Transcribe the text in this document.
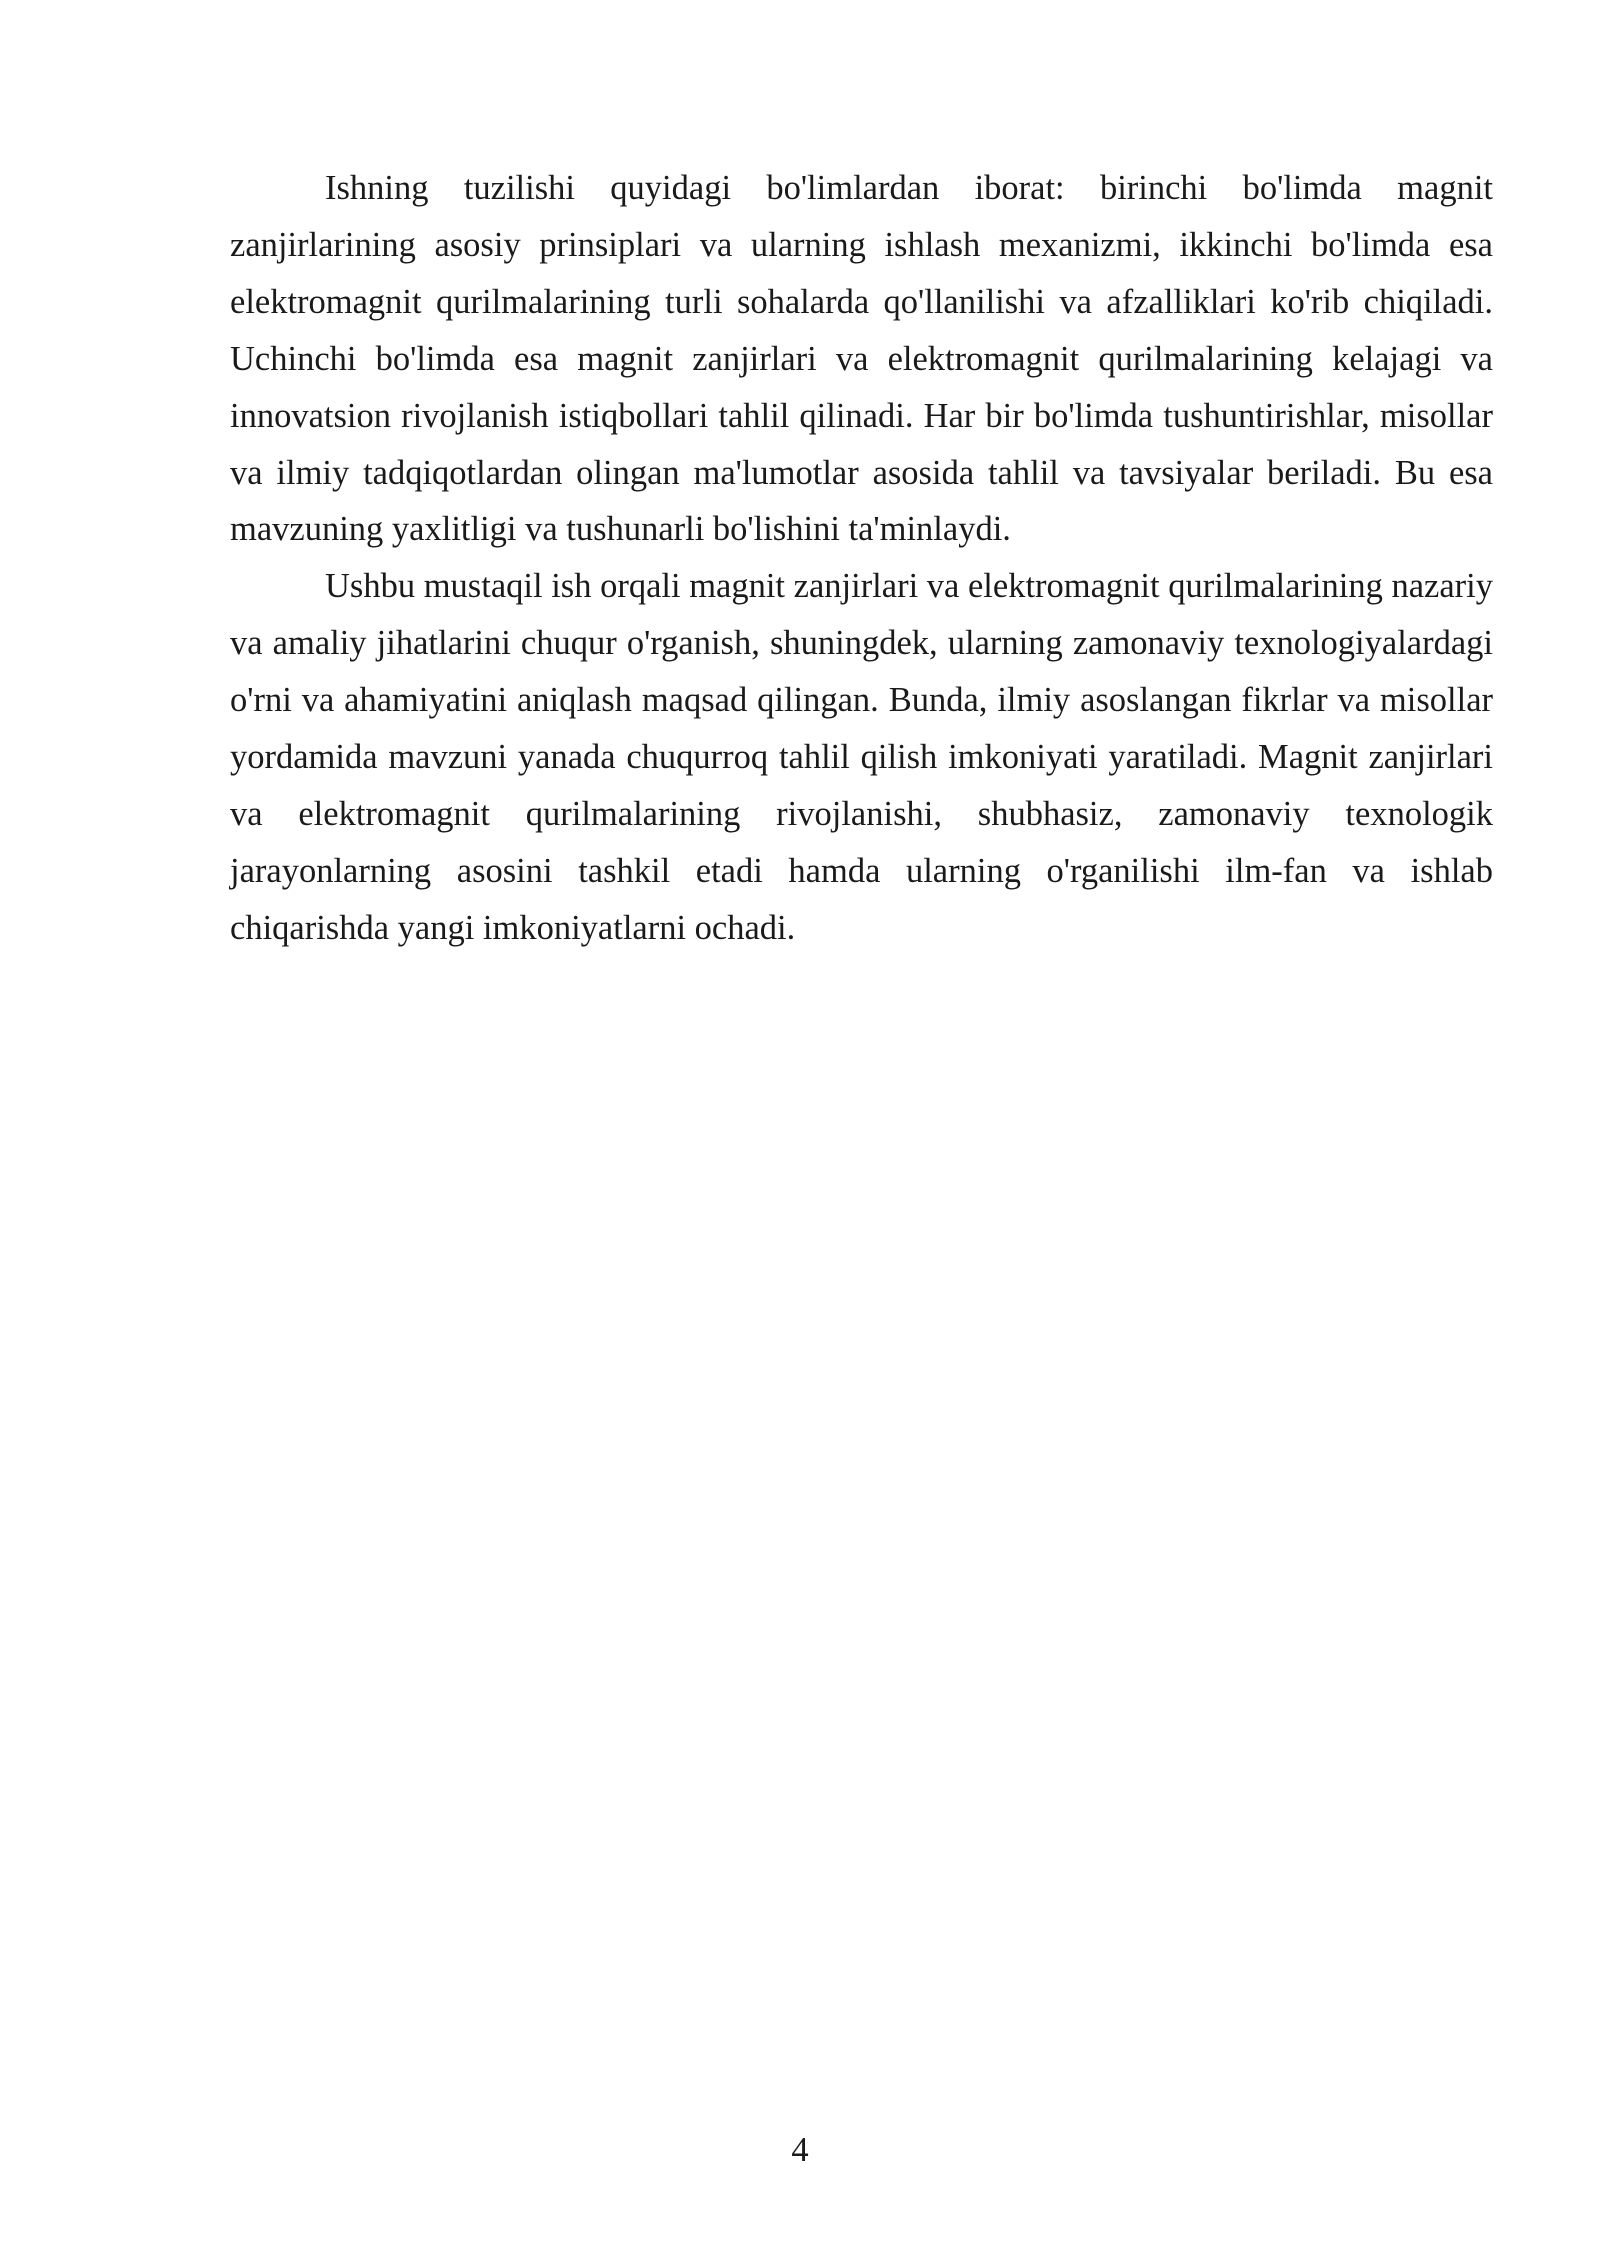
Ishning tuzilishi quyidagi bo'limlardan iborat: birinchi bo'limda magnit zanjirlarining asosiy prinsiplari va ularning ishlash mexanizmi, ikkinchi bo'limda esa elektromagnit qurilmalarining turli sohalarda qo'llanilishi va afzalliklari ko'rib chiqiladi. Uchinchi bo'limda esa magnit zanjirlari va elektromagnit qurilmalarining kelajagi va innovatsion rivojlanish istiqbollari tahlil qilinadi. Har bir bo'limda tushuntirishlar, misollar va ilmiy tadqiqotlardan olingan ma'lumotlar asosida tahlil va tavsiyalar beriladi. Bu esa mavzuning yaxlitligi va tushunarli bo'lishini ta'minlaydi.

Ushbu mustaqil ish orqali magnit zanjirlari va elektromagnit qurilmalarining nazariy va amaliy jihatlarini chuqur o'rganish, shuningdek, ularning zamonaviy texnologiyalardagi o'rni va ahamiyatini aniqlash maqsad qilingan. Bunda, ilmiy asoslangan fikrlar va misollar yordamida mavzuni yanada chuqurroq tahlil qilish imkoniyati yaratiladi. Magnit zanjirlari va elektromagnit qurilmalarining rivojlanishi, shubhasiz, zamonaviy texnologik jarayonlarning asosini tashkil etadi hamda ularning o'rganilishi ilm-fan va ishlab chiqarishda yangi imkoniyatlarni ochadi.

4
